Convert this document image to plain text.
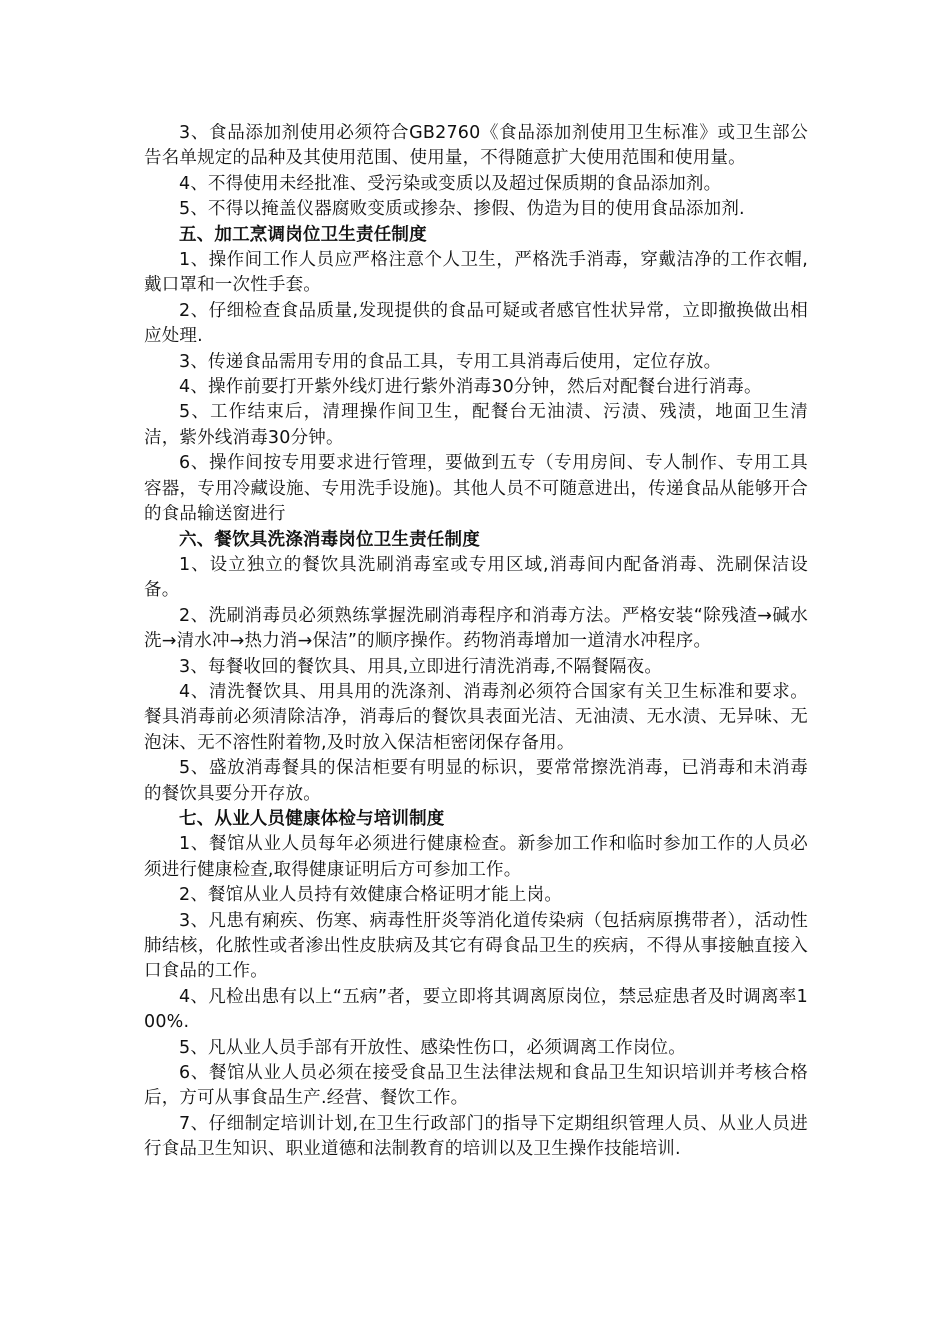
3、食品添加剂使用必须符合GB2760《食品添加剂使用卫生标准》或卫生部公告名单规定的品种及其使用范围、使用量，不得随意扩大使用范围和使用量。

4、不得使用未经批准、受污染或变质以及超过保质期的食品添加剂。

5、不得以掩盖仪器腐败变质或掺杂、掺假、伪造为目的使用食品添加剂.

五、加工烹调岗位卫生责任制度

1、操作间工作人员应严格注意个人卫生，严格洗手消毒，穿戴洁净的工作衣帽,戴口罩和一次性手套。

2、仔细检查食品质量,发现提供的食品可疑或者感官性状异常，立即撤换做出相应处理.

3、传递食品需用专用的食品工具，专用工具消毒后使用，定位存放。

4、操作前要打开紫外线灯进行紫外消毒30分钟，然后对配餐台进行消毒。

5、工作结束后，清理操作间卫生，配餐台无油渍、污渍、残渍，地面卫生清洁，紫外线消毒30分钟。

6、操作间按专用要求进行管理，要做到五专（专用房间、专人制作、专用工具容器，专用冷藏设施、专用洗手设施)。其他人员不可随意进出，传递食品从能够开合的食品输送窗进行

六、餐饮具洗涤消毒岗位卫生责任制度

1、设立独立的餐饮具洗刷消毒室或专用区域,消毒间内配备消毒、洗刷保洁设备。

2、洗刷消毒员必须熟练掌握洗刷消毒程序和消毒方法。严格安装“除残渣→碱水洗→清水冲→热力消→保洁”的顺序操作。药物消毒增加一道清水冲程序。

3、每餐收回的餐饮具、用具,立即进行清洗消毒,不隔餐隔夜。

4、清洗餐饮具、用具用的洗涤剂、消毒剂必须符合国家有关卫生标准和要求。餐具消毒前必须清除洁净，消毒后的餐饮具表面光洁、无油渍、无水渍、无异味、无泡沫、无不溶性附着物,及时放入保洁柜密闭保存备用。

5、盛放消毒餐具的保洁柜要有明显的标识，要常常擦洗消毒，已消毒和未消毒的餐饮具要分开存放。

七、从业人员健康体检与培训制度

1、餐馆从业人员每年必须进行健康检查。新参加工作和临时参加工作的人员必须进行健康检查,取得健康证明后方可参加工作。

2、餐馆从业人员持有效健康合格证明才能上岗。

3、凡患有痢疾、伤寒、病毒性肝炎等消化道传染病（包括病原携带者），活动性肺结核，化脓性或者渗出性皮肤病及其它有碍食品卫生的疾病，不得从事接触直接入口食品的工作。

4、凡检出患有以上“五病”者，要立即将其调离原岗位，禁忌症患者及时调离率100%.

5、凡从业人员手部有开放性、感染性伤口，必须调离工作岗位。

6、餐馆从业人员必须在接受食品卫生法律法规和食品卫生知识培训并考核合格后，方可从事食品生产.经营、餐饮工作。

7、仔细制定培训计划,在卫生行政部门的指导下定期组织管理人员、从业人员进行食品卫生知识、职业道德和法制教育的培训以及卫生操作技能培训.
